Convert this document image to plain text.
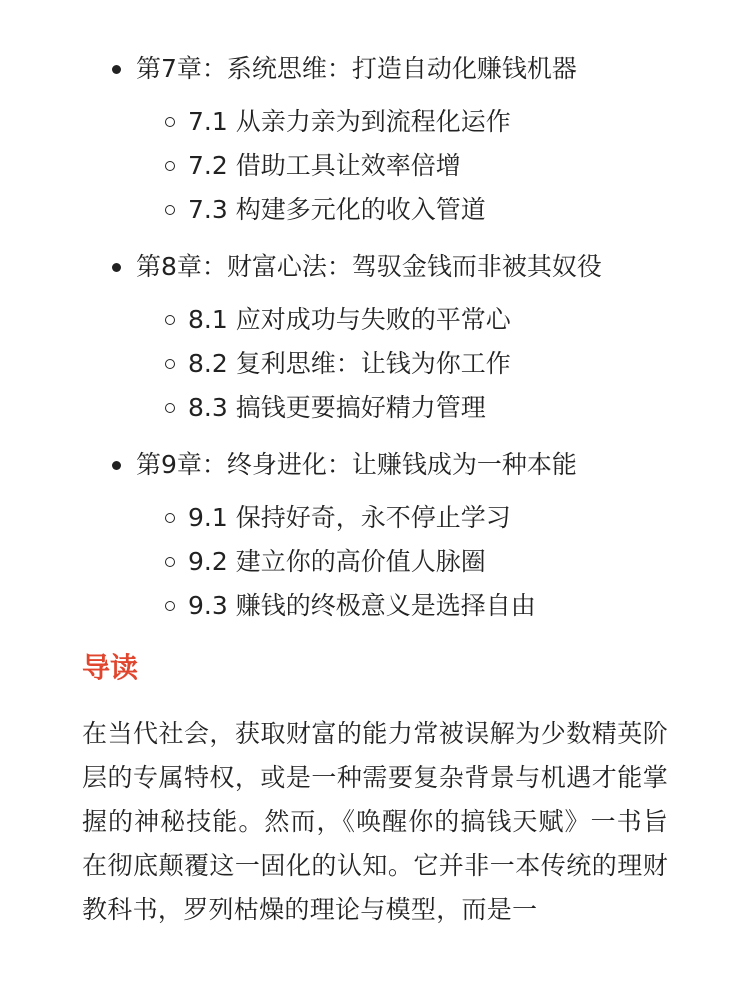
第7章：系统思维：打造自动化赚钱机器
7.1 从亲力亲为到流程化运作
7.2 借助工具让效率倍增
7.3 构建多元化的收入管道
第8章：财富心法：驾驭金钱而非被其奴役
8.1 应对成功与失败的平常心
8.2 复利思维：让钱为你工作
8.3 搞钱更要搞好精力管理
第9章：终身进化：让赚钱成为一种本能
9.1 保持好奇，永不停止学习
9.2 建立你的高价值人脉圈
9.3 赚钱的终极意义是选择自由
导读

在当代社会，获取财富的能力常被误解为少数精英阶层的专属特权，或是一种需要复杂背景与机遇才能掌握的神秘技能。然而，《唤醒你的搞钱天赋》一书旨在彻底颠覆这一固化的认知。它并非一本传统的理财教科书，罗列枯燥的理论与模型，而是一
